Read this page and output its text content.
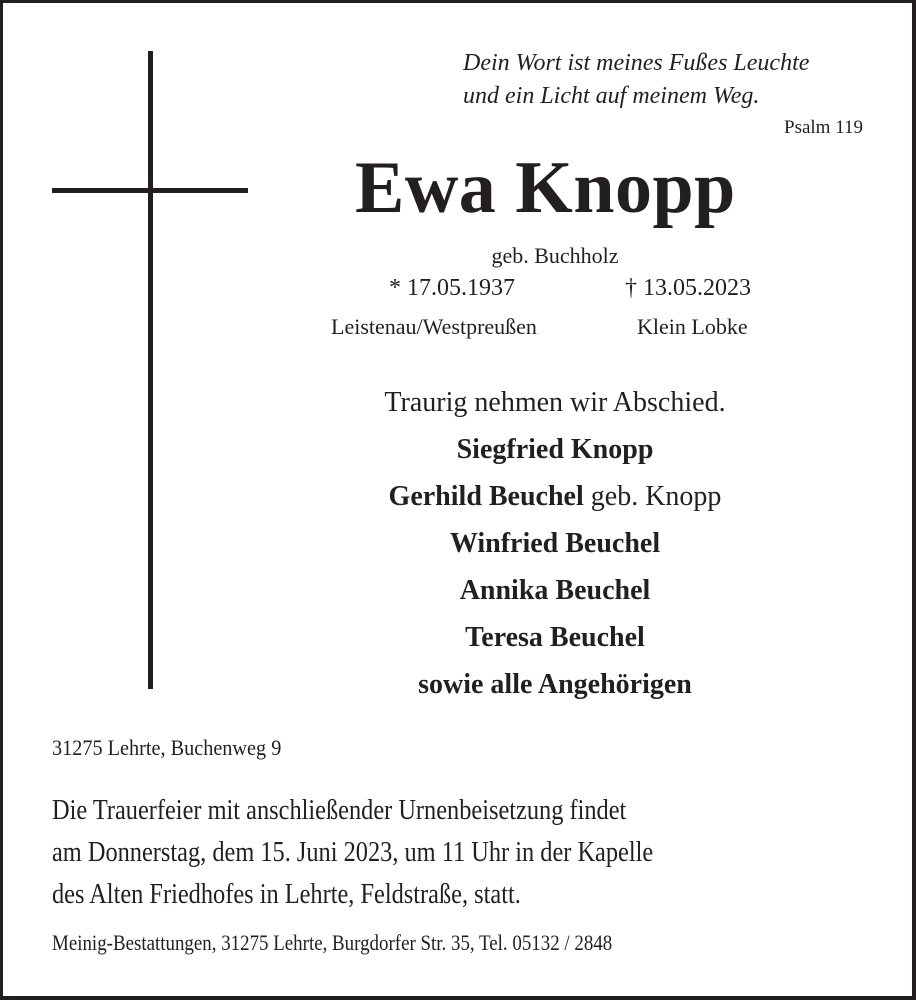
Dein Wort ist meines Fußes Leuchte
und ein Licht auf meinem Weg.
Psalm 119
Ewa Knopp
geb. Buchholz
* 17.05.1937	† 13.05.2023
Leistenau/Westpreußen	Klein Lobke
Traurig nehmen wir Abschied.
Siegfried Knopp
Gerhild Beuchel geb. Knopp
Winfried Beuchel
Annika Beuchel
Teresa Beuchel
sowie alle Angehörigen
31275 Lehrte, Buchenweg 9
Die Trauerfeier mit anschließender Urnenbeisetzung findet
am Donnerstag, dem 15. Juni 2023, um 11 Uhr in der Kapelle
des Alten Friedhofes in Lehrte, Feldstraße, statt.
Meinig-Bestattungen, 31275 Lehrte, Burgdorfer Str. 35, Tel. 05132 / 2848
